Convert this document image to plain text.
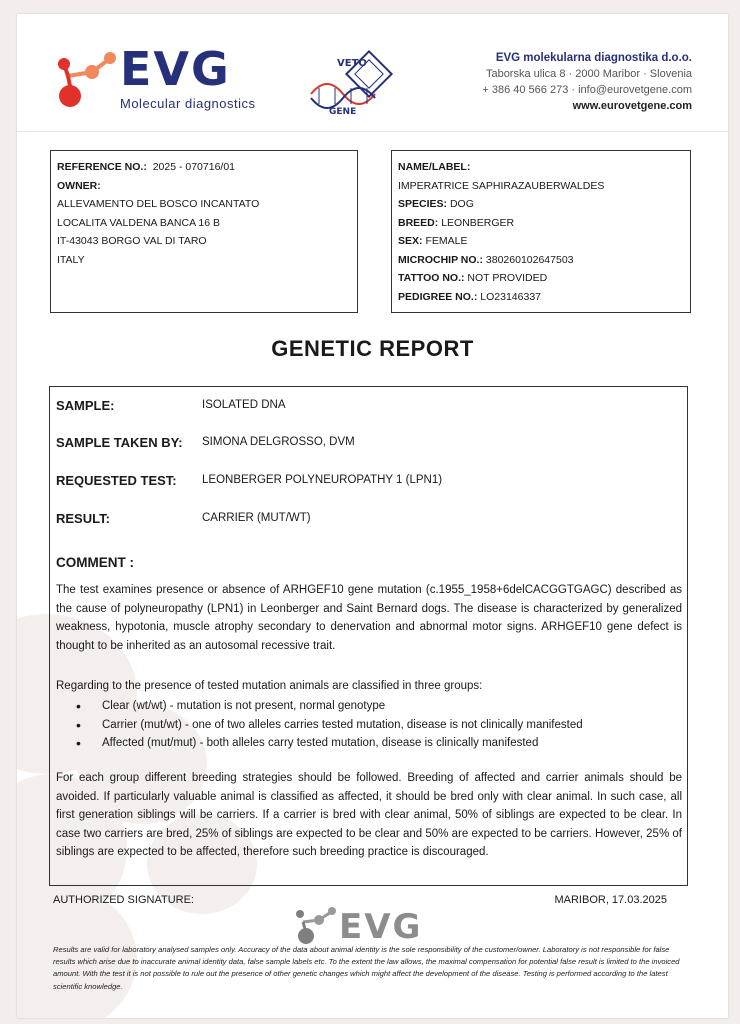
EVG
Molecular diagnostics
VETO
GENE
EVG molekularna diagnostika d.o.o.
Taborska ulica 8 · 2000 Maribor · Slovenia
+ 386 40 566 273 · info@eurovetgene.com
www.eurovetgene.com
REFERENCE NO.: 2025 - 070716/01
OWNER:
ALLEVAMENTO DEL BOSCO INCANTATO
LOCALITA VALDENA BANCA 16 B
IT-43043 BORGO VAL DI TARO
ITALY
NAME/LABEL:
IMPERATRICE SAPHIRAZAUBERWALDES
SPECIES: DOG
BREED: LEONBERGER
SEX: FEMALE
MICROCHIP NO.: 380260102647503
TATTOO NO.: NOT PROVIDED
PEDIGREE NO.: LO23146337
GENETIC REPORT
SAMPLE:	ISOLATED DNA
SAMPLE TAKEN BY: SIMONA DELGROSSO, DVM
REQUESTED TEST: LEONBERGER POLYNEUROPATHY 1 (LPN1)
RESULT:	CARRIER (MUT/WT)
COMMENT :
The test examines presence or absence of ARHGEF10 gene mutation (c.1955_1958+6delCACGGTGAGC) described as the cause of polyneuropathy (LPN1) in Leonberger and Saint Bernard dogs. The disease is characterized by generalized weakness, hypotonia, muscle atrophy secondary to denervation and abnormal motor signs. ARHGEF10 gene defect is thought to be inherited as an autosomal recessive trait.
Regarding to the presence of tested mutation animals are classified in three groups:
• Clear (wt/wt) - mutation is not present, normal genotype
• Carrier (mut/wt) - one of two alleles carries tested mutation, disease is not clinically manifested
• Affected (mut/mut) - both alleles carry tested mutation, disease is clinically manifested
For each group different breeding strategies should be followed. Breeding of affected and carrier animals should be avoided. If particularly valuable animal is classified as affected, it should be bred only with clear animal. In such case, all first generation siblings will be carriers. If a carrier is bred with clear animal, 50% of siblings are expected to be clear. In case two carriers are bred, 25% of siblings are expected to be clear and 50% are expected to be carriers. However, 25% of siblings are expected to be affected, therefore such breeding practice is discouraged.
AUTHORIZED SIGNATURE:	MARIBOR, 17.03.2025
EVG
Results are valid for laboratory analysed samples only. Accuracy of the data about animal identity is the sole responsibility of the customer/owner. Laboratory is not responsible for false results which arise due to inaccurate animal identity data, false sample labels etc. To the extent the law allows, the maximal compensation for potential false result is limited to the invoiced amount. With the test it is not possible to rule out the presence of other genetic changes which might affect the development of the disease. Testing is performed according to the latest scientific knowledge.
